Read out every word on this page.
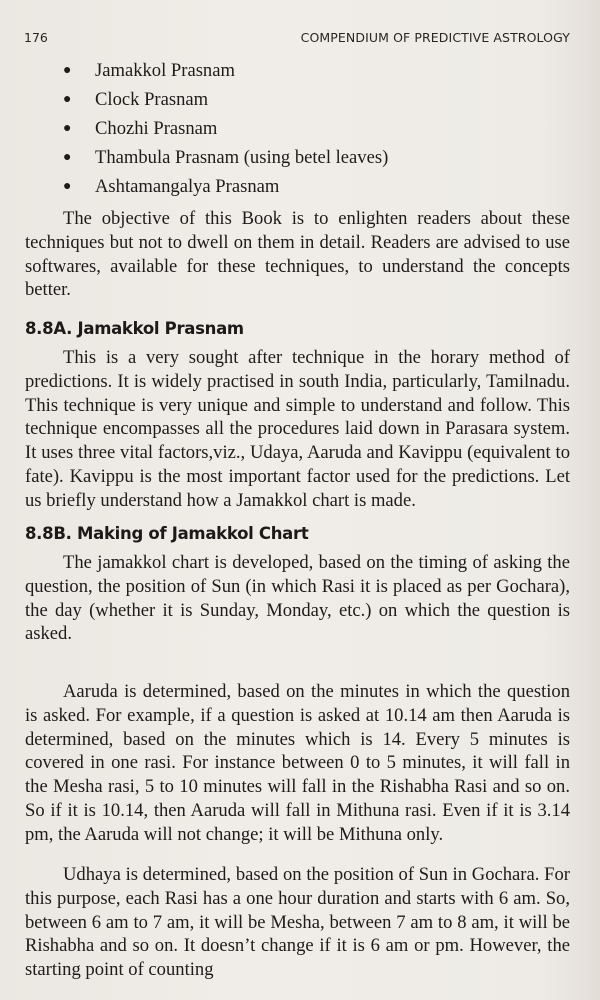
176	COMPENDIUM OF PREDICTIVE ASTROLOGY
● Jamakkol Prasnam
● Clock Prasnam
● Chozhi Prasnam
● Thambula Prasnam (using betel leaves)
● Ashtamangalya Prasnam

The objective of this Book is to enlighten readers about these techniques but not to dwell on them in detail. Readers are advised to use softwares, available for these techniques, to understand the concepts better.

8.8A. Jamakkol Prasnam

This is a very sought after technique in the horary method of predictions. It is widely practised in south India, particularly, Tamilnadu. This technique is very unique and simple to understand and follow. This technique encompasses all the procedures laid down in Parasara system. It uses three vital factors,viz., Udaya, Aaruda and Kavippu (equivalent to fate). Kavippu is the most important factor used for the predictions. Let us briefly understand how a Jamakkol chart is made.

8.8B. Making of Jamakkol Chart

The jamakkol chart is developed, based on the timing of asking the question, the position of Sun (in which Rasi it is placed as per Gochara), the day (whether it is Sunday, Monday, etc.) on which the question is asked.

Aaruda is determined, based on the minutes in which the question is asked. For example, if a question is asked at 10.14 am then Aaruda is determined, based on the minutes which is 14. Every 5 minutes is covered in one rasi. For instance between 0 to 5 minutes, it will fall in the Mesha rasi, 5 to 10 minutes will fall in the Rishabha Rasi and so on. So if it is 10.14, then Aaruda will fall in Mithuna rasi. Even if it is 3.14 pm, the Aaruda will not change; it will be Mithuna only.

Udhaya is determined, based on the position of Sun in Gochara. For this purpose, each Rasi has a one hour duration and starts with 6 am. So, between 6 am to 7 am, it will be Mesha, between 7 am to 8 am, it will be Rishabha and so on. It doesn’t change if it is 6 am or pm. However, the starting point of counting
